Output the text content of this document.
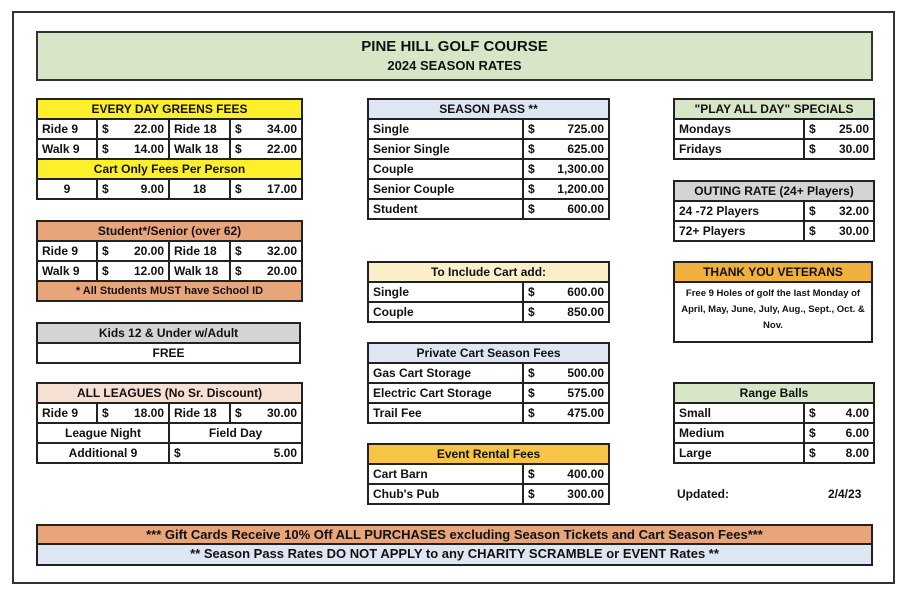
PINE HILL GOLF COURSE
2024 SEASON RATES
EVERY DAY GREENS FEES			
Ride 9	$ 22.00	Ride 18	$ 34.00

Walk 9	$ 14.00	Walk 18	$ 22.00

Cart Only Fees Per Person			
9	$ 9.00	18	$ 17.00
Student*/Senior (over 62)			
Ride 9	$ 20.00	Ride 18	$ 32.00

Walk 9	$ 12.00	Walk 18	$ 20.00

* All Students MUST have School ID			
Kids 12 & Under w/Adult
FREE
ALL LEAGUES (No Sr. Discount)			
Ride 9	$ 18.00	Ride 18	$ 30.00

League Night		Field Day	
Additional 9		$ 5.00	
SEASON PASS **	
Single	$ 725.00

Senior Single	$ 625.00

Couple	$ 1,300.00

Senior Couple	$ 1,200.00

Student	$ 600.00
To Include Cart add:	
Single	$ 600.00

Couple	$ 850.00
Private Cart Season Fees	
Gas Cart Storage	$ 500.00

Electric Cart Storage	$ 575.00

Trail Fee	$ 475.00
Event Rental Fees	
Cart Barn	$ 400.00

Chub's Pub	$ 300.00
"PLAY ALL DAY" SPECIALS	
Mondays	$ 25.00

Fridays	$ 30.00
OUTING RATE (24+ Players)	
24 -72 Players	$ 32.00

72+ Players	$ 30.00
THANK YOU VETERANS
Free 9 Holes of golf the last Monday of April, May, June, July, Aug., Sept., Oct. & Nov.
Range Balls	
Small	$ 4.00

Medium	$ 6.00

Large	$ 8.00
Updated:	2/4/23
*** Gift Cards Receive 10% Off ALL PURCHASES excluding Season Tickets and Cart Season Fees***
** Season Pass Rates DO NOT APPLY to any CHARITY SCRAMBLE or EVENT Rates **
